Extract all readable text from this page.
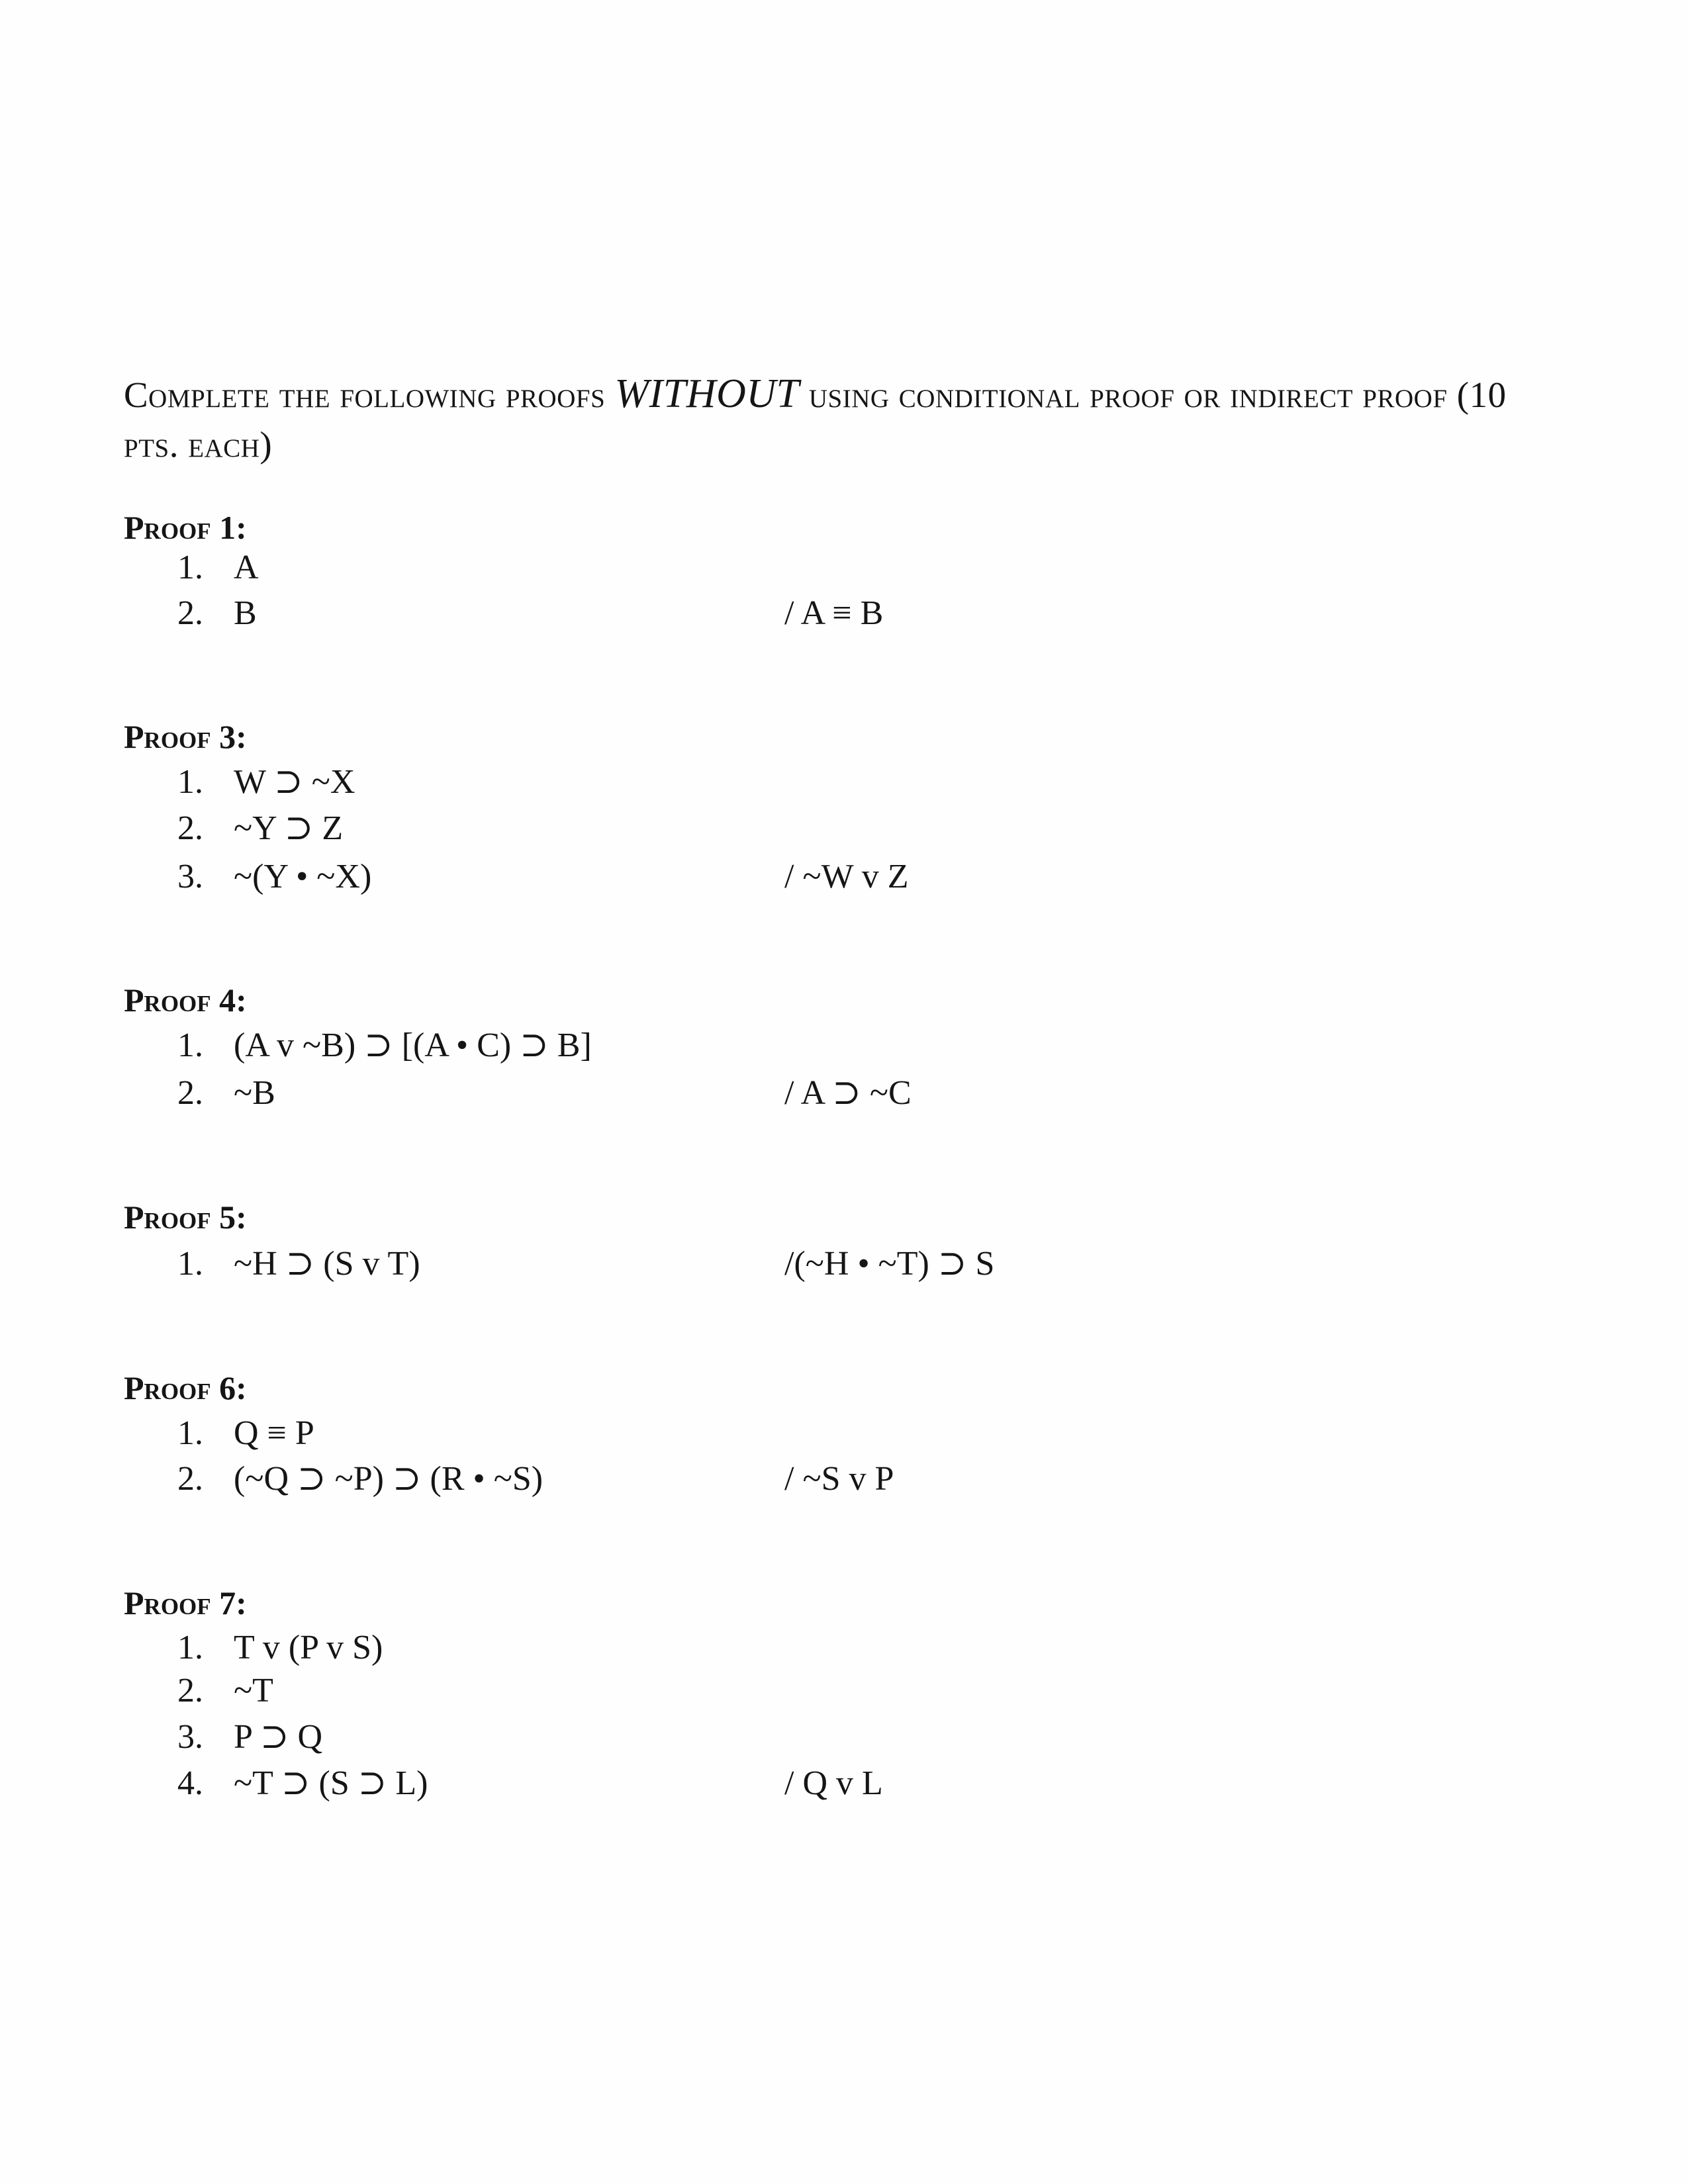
Complete the following proofs WITHOUT using conditional proof or indirect proof (10 pts. each)
Proof 1:
1. A
2. B	/ A ≡ B
Proof 3:
1. W ⊃ ~X
2. ~Y ⊃ Z
3. ~(Y • ~X)	/ ~W v Z
Proof 4:
1. (A v ~B) ⊃ [(A • C) ⊃ B]
2. ~B	/ A ⊃ ~C
Proof 5:
1. ~H ⊃ (S v T)	/(~H • ~T) ⊃ S
Proof 6:
1. Q ≡ P
2. (~Q ⊃ ~P) ⊃ (R • ~S)	/ ~S v P
Proof 7:
1. T v (P v S)
2. ~T
3. P ⊃ Q
4. ~T ⊃ (S ⊃ L)	/ Q v L
